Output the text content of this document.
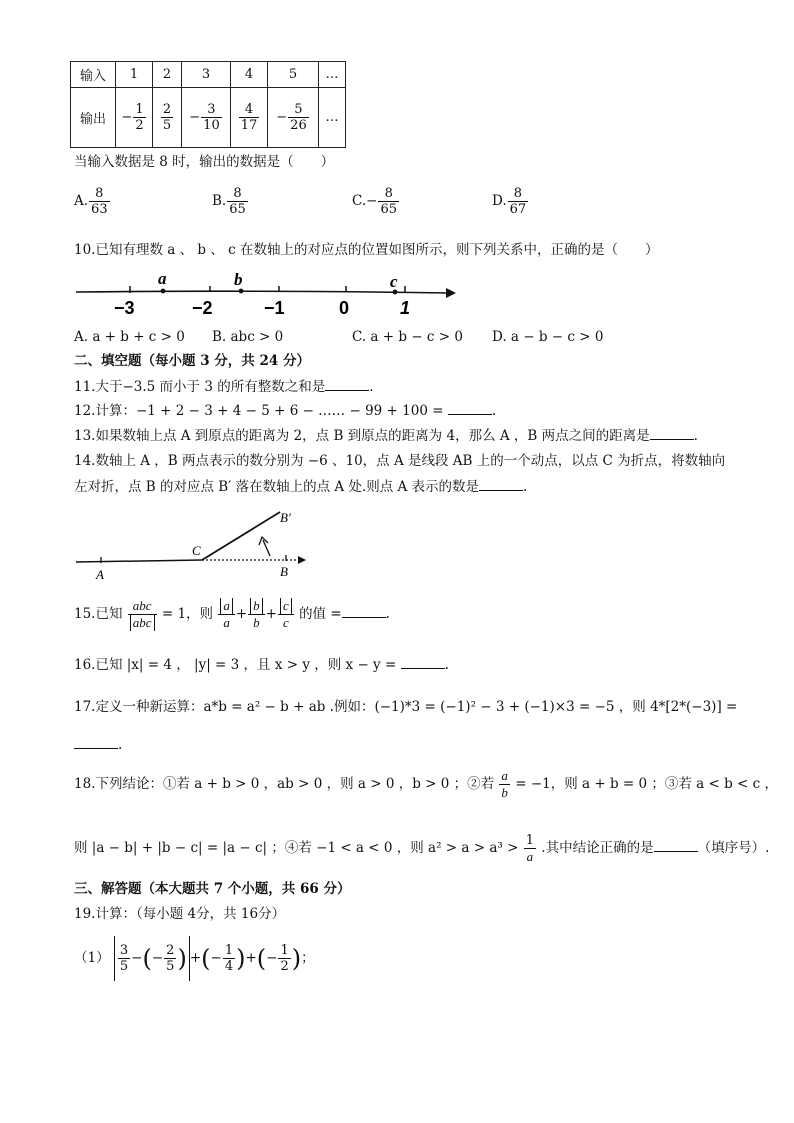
输入	1	2	3	4	5	…
输出	− $\frac{1}{2}$	$\frac{2}{5}$	− $\frac{3}{10}$	$\frac{4}{17}$	− $\frac{5}{26}$	…
当输入数据是 8 时，输出的数据是（　　）
A. $\frac{8}{63}$	B. $\frac{8}{65}$	$C.- \frac{8}{65}$	D. $\frac{8}{67}$
10.已知有理数 a 、 b 、 c 在数轴上的对应点的位置如图所示，则下列关系中，正确的是（　　）
a	b	c
−3	−2	−1	0	1
A. a + b + c > 0 B. abc > 0	C. a + b − c > 0 D. a − b − c > 0
二、填空题（每小题 3 分，共 24 分）
11.大于−3.5 而小于 3 的所有整数之和是	.
12.计算：−1 + 2 − 3 + 4 − 5 + 6 − …… − 99 + 100 =	.
13.如果数轴上点 A 到原点的距离为 2，点 B 到原点的距离为 4，那么 A ，B 两点之间的距离是	.
14.数轴上 A ，B 两点表示的数分别为 −6 、10，点 A 是线段 AB 上的一个动点，以点 C 为折点，将数轴向
左对折，点 B 的对应点 B′ 落在数轴上的点 A 处.则点 A 表示的数是	.
A	B
C
B′
15.已知 $\frac{\text{abc}}{\text{abc}} = 1$，则 $\frac{a}{a} + \frac{b}{b} + \frac{c}{c}$ 的值 =	.
16.已知 |x| = 4 ， |y| = 3 ，且 x > y ，则 x − y =	.
17.定义一种新运算：a*b = a² − b + ab .例如：(−1)*3 = (−1)² − 3 + (−1)×3 = −5 ，则 4*[2*(−3)] =
.
18.下列结论：①若 a + b > 0 ，ab > 0 ，则 a > 0 ，b > 0 ；②若 $\frac{a}{b} = -1$，则 a + b = 0 ；③若 a < b < c ，
则 |a − b| + |b − c| = |a − c| ；④若 −1 < a < 0 ，则 $a^2 > a > a^3 > \frac{1}{a}$ .其中结论正确的是	（填序号）.
三、解答题（本大题共 7 个小题，共 66 分）
19.计算：（每小题 4分，共 16分）
$(1) \frac{3}{5}$ −(− $\frac{2}{5}$ ) +(− $\frac{1}{4}$ )+(− $\frac{1}{2}$ )；
